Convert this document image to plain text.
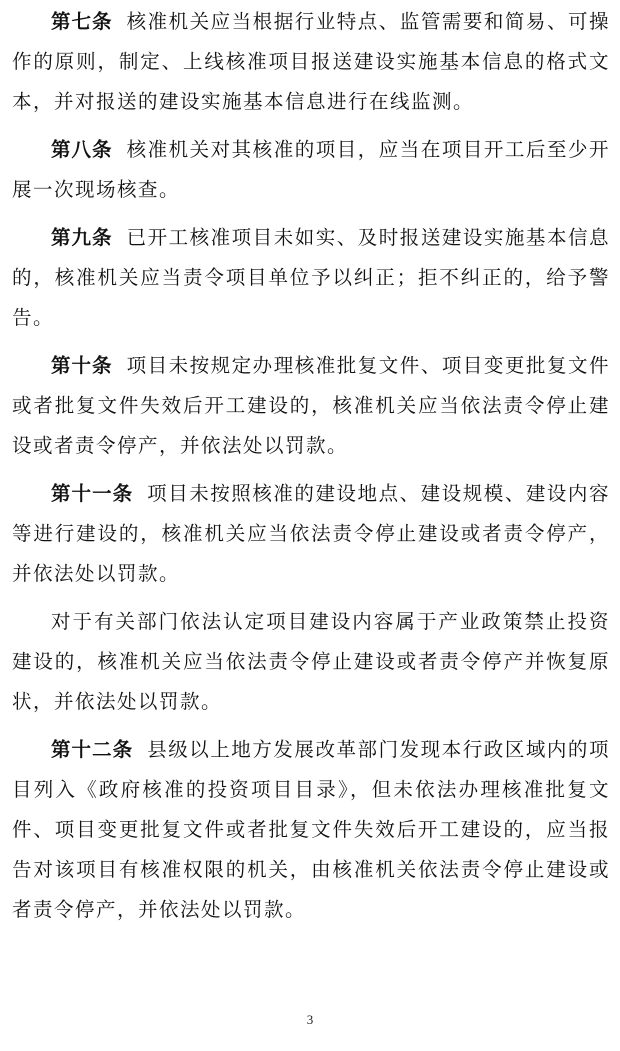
第七条 核准机关应当根据行业特点、监管需要和简易、可操作的原则，制定、上线核准项目报送建设实施基本信息的格式文本，并对报送的建设实施基本信息进行在线监测。

第八条 核准机关对其核准的项目，应当在项目开工后至少开展一次现场核查。

第九条 已开工核准项目未如实、及时报送建设实施基本信息的，核准机关应当责令项目单位予以纠正；拒不纠正的，给予警告。

第十条 项目未按规定办理核准批复文件、项目变更批复文件或者批复文件失效后开工建设的，核准机关应当依法责令停止建设或者责令停产，并依法处以罚款。

第十一条 项目未按照核准的建设地点、建设规模、建设内容等进行建设的，核准机关应当依法责令停止建设或者责令停产，并依法处以罚款。

对于有关部门依法认定项目建设内容属于产业政策禁止投资建设的，核准机关应当依法责令停止建设或者责令停产并恢复原状，并依法处以罚款。

第十二条 县级以上地方发展改革部门发现本行政区域内的项目列入《政府核准的投资项目目录》，但未依法办理核准批复文件、项目变更批复文件或者批复文件失效后开工建设的，应当报告对该项目有核准权限的机关，由核准机关依法责令停止建设或者责令停产，并依法处以罚款。

3
